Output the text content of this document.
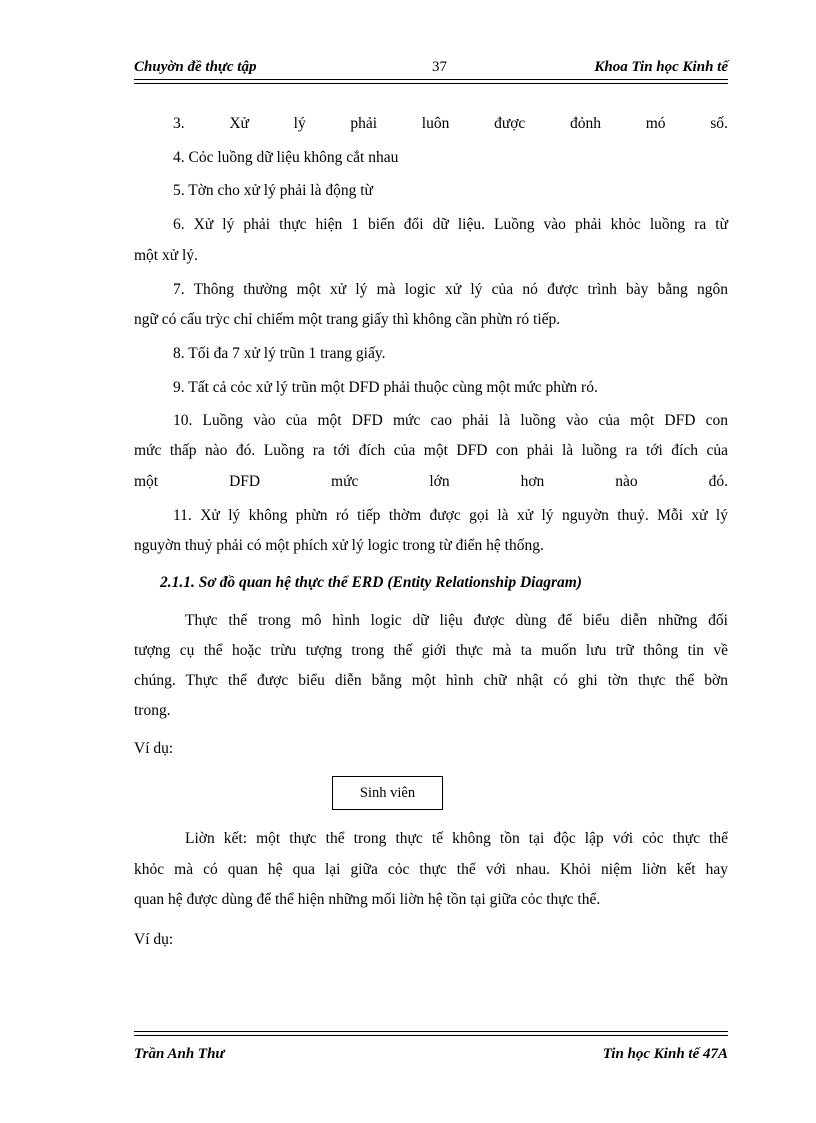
Chuyờn đề thực tập	37	Khoa Tin học Kinh tế
3.	Xử	lý	phải	luôn	được	đỏnh	mó	số.
4. Cỏc luồng dữ liệu không cắt nhau
5. Tờn cho xử lý phải là động từ
6. Xử lý phải thực hiện 1 biến đổi dữ liệu. Luồng vào phải khỏc luồng ra từ
một xử lý.
7. Thông thường một xử lý mà logic xử lý của nó được trình bày bằng ngôn
ngữ có cấu trỳc chỉ chiếm một trang giấy thì không cần phừn ró tiếp.
8. Tối đa 7 xử lý trũn 1 trang giấy.
9. Tất cả cỏc xử lý trũn một DFD phải thuộc cùng một mức phừn ró.
10. Luồng vào của một DFD mức cao phải là luồng vào của một DFD con
mức thấp nào đó. Luồng ra tới đích của một DFD con phải là luồng ra tới đích của
một	DFD	mức	lớn	hơn	nào	đó.
11. Xử lý không phừn ró tiếp thờm được gọi là xử lý nguyờn thuỷ. Mỗi xử lý
nguyờn thuỷ phải có một phích xử lý logic trong từ điển hệ thống.
2.1.1. Sơ đồ quan hệ thực thể ERD (Entity Relationship Diagram)
Thực thể trong mô hình logic dữ liệu được dùng để biểu diễn những đối
tượng cụ thể hoặc trừu tượng trong thế giới thực mà ta muốn lưu trữ thông tin về
chúng. Thực thể được biểu diễn bằng một hình chữ nhật có ghi tờn thực thể bờn
trong.
Ví dụ:
Sinh viên
Liờn kết: một thực thể trong thực tế không tồn tại độc lập với cỏc thực thể
khỏc mà có quan hệ qua lại giữa cỏc thực thể với nhau. Khỏi niệm liờn kết hay
quan hệ được dùng để thể hiện những mối liờn hệ tồn tại giữa cỏc thực thể.
Ví dụ:
Trần Anh Thư	Tin học Kinh tế 47A
